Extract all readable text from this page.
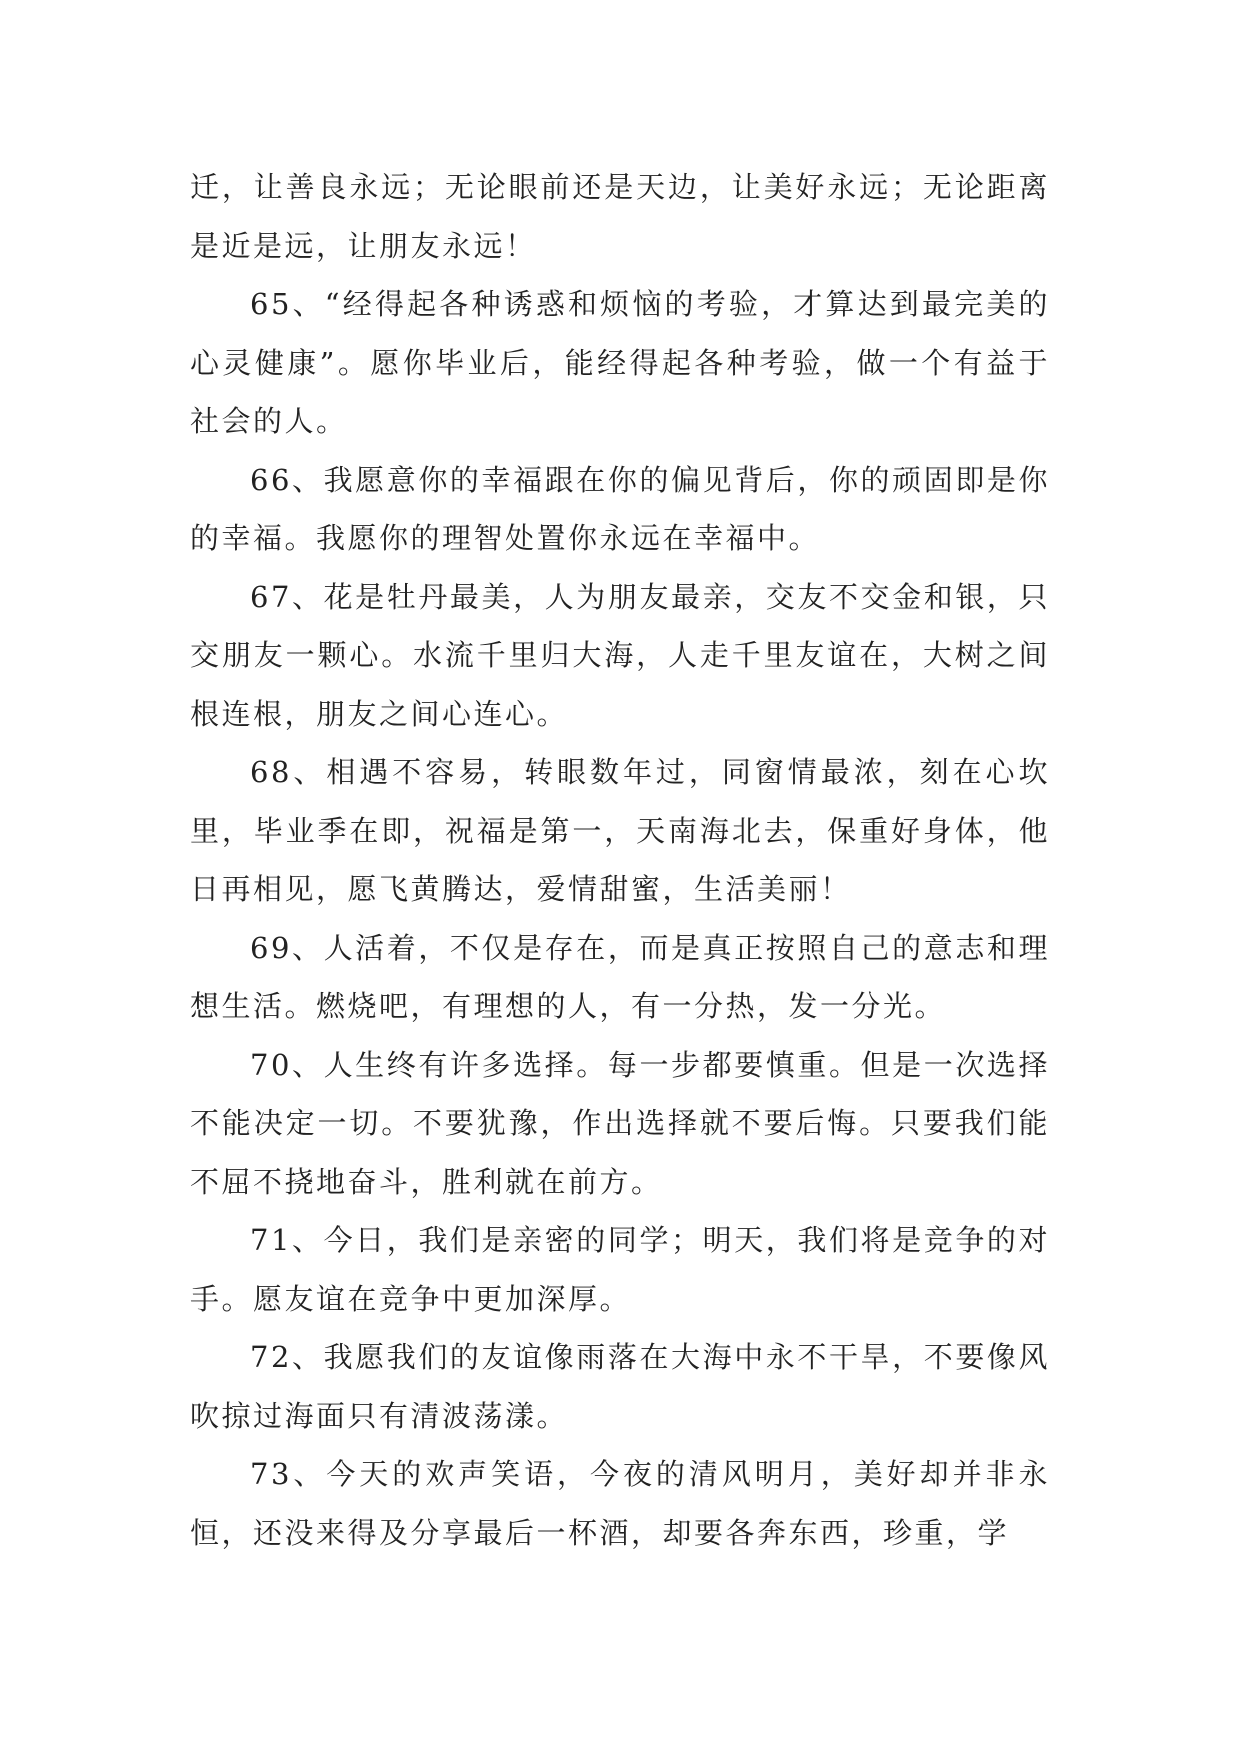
迁，让善良永远；无论眼前还是天边，让美好永远；无论距离是近是远，让朋友永远！

65、“经得起各种诱惑和烦恼的考验，才算达到最完美的心灵健康”。愿你毕业后，能经得起各种考验，做一个有益于社会的人。

66、我愿意你的幸福跟在你的偏见背后，你的顽固即是你的幸福。我愿你的理智处置你永远在幸福中。

67、花是牡丹最美，人为朋友最亲，交友不交金和银，只交朋友一颗心。水流千里归大海，人走千里友谊在，大树之间根连根，朋友之间心连心。

68、相遇不容易，转眼数年过，同窗情最浓，刻在心坎里，毕业季在即，祝福是第一，天南海北去，保重好身体，他日再相见，愿飞黄腾达，爱情甜蜜，生活美丽！

69、人活着，不仅是存在，而是真正按照自己的意志和理想生活。燃烧吧，有理想的人，有一分热，发一分光。

70、人生终有许多选择。每一步都要慎重。但是一次选择不能决定一切。不要犹豫，作出选择就不要后悔。只要我们能不屈不挠地奋斗，胜利就在前方。

71、今日，我们是亲密的同学；明天，我们将是竞争的对手。愿友谊在竞争中更加深厚。

72、我愿我们的友谊像雨落在大海中永不干旱，不要像风吹掠过海面只有清波荡漾。

73、今天的欢声笑语，今夜的清风明月，美好却并非永恒，还没来得及分享最后一杯酒，却要各奔东西，珍重，学
